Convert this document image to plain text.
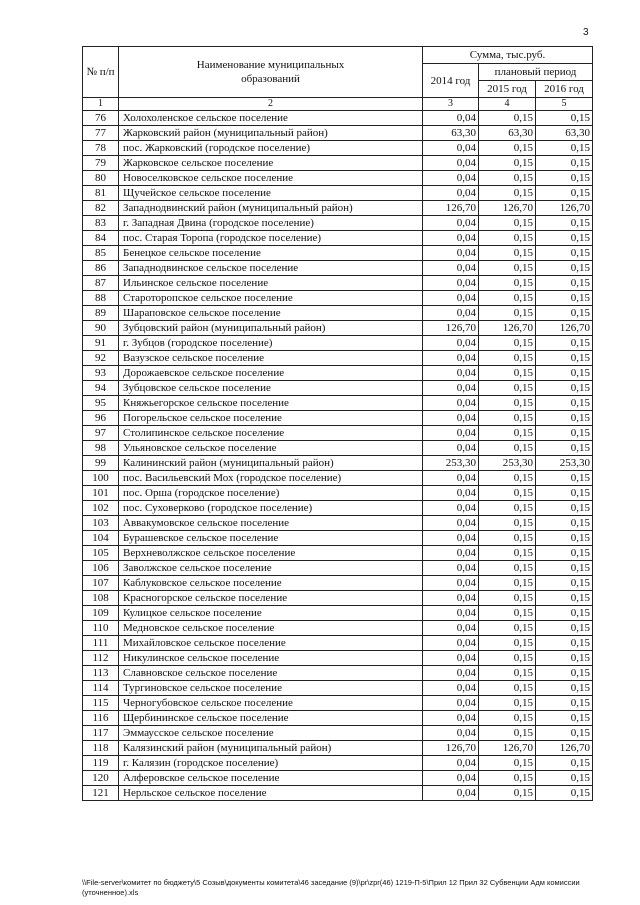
3
№ п/п	Наименование муниципальных образований	Сумма, тыс.руб.		
		2014 год	плановый период	
			2015 год	2016 год
1	2	3	4	5
76	Холохоленское сельское поселение	0,04	0,15	0,15
77	Жарковский район (муниципальный район)	63,30	63,30	63,30
78	пос. Жарковский (городское поселение)	0,04	0,15	0,15
79	Жарковское сельское поселение	0,04	0,15	0,15
80	Новоселковское сельское поселение	0,04	0,15	0,15
81	Щучейское сельское поселение	0,04	0,15	0,15
82	Западнодвинский район (муниципальный район)	126,70	126,70	126,70
83	г. Западная Двина (городское поселение)	0,04	0,15	0,15
84	пос. Старая Торопа (городское поселение)	0,04	0,15	0,15
85	Бенецкое сельское поселение	0,04	0,15	0,15
86	Западнодвинское сельское поселение	0,04	0,15	0,15
87	Ильинское сельское поселение	0,04	0,15	0,15
88	Староторопское сельское поселение	0,04	0,15	0,15
89	Шараповское сельское поселение	0,04	0,15	0,15
90	Зубцовский район (муниципальный район)	126,70	126,70	126,70
91	г. Зубцов (городское поселение)	0,04	0,15	0,15
92	Вазузское сельское поселение	0,04	0,15	0,15
93	Дорожаевское сельское поселение	0,04	0,15	0,15
94	Зубцовское сельское поселение	0,04	0,15	0,15
95	Княжьегорское сельское поселение	0,04	0,15	0,15
96	Погорельское сельское поселение	0,04	0,15	0,15
97	Столипинское сельское поселение	0,04	0,15	0,15
98	Ульяновское сельское поселение	0,04	0,15	0,15
99	Калининский район (муниципальный район)	253,30	253,30	253,30
100	пос. Васильевский Мох (городское поселение)	0,04	0,15	0,15
101	пос. Орша (городское поселение)	0,04	0,15	0,15
102	пос. Суховерково (городское поселение)	0,04	0,15	0,15
103	Аввакумовское сельское поселение	0,04	0,15	0,15
104	Бурашевское сельское поселение	0,04	0,15	0,15
105	Верхневолжское сельское поселение	0,04	0,15	0,15
106	Заволжское сельское поселение	0,04	0,15	0,15
107	Каблуковское сельское поселение	0,04	0,15	0,15
108	Красногорское сельское поселение	0,04	0,15	0,15
109	Кулицкое сельское поселение	0,04	0,15	0,15
110	Медновское сельское поселение	0,04	0,15	0,15
111	Михайловское сельское поселение	0,04	0,15	0,15
112	Никулинское сельское поселение	0,04	0,15	0,15
113	Славновское сельское поселение	0,04	0,15	0,15
114	Тургиновское сельское поселение	0,04	0,15	0,15
115	Черногубовское сельское поселение	0,04	0,15	0,15
116	Щербининское сельское поселение	0,04	0,15	0,15
117	Эммаусское сельское поселение	0,04	0,15	0,15
118	Калязинский район (муниципальный район)	126,70	126,70	126,70
119	г. Калязин (городское поселение)	0,04	0,15	0,15
120	Алферовское сельское поселение	0,04	0,15	0,15
121	Нерльское сельское поселение	0,04	0,15	0,15
\\File-server\комитет по бюджету\5 Созыв\документы комитета\46 заседание (9)\pr\zpr(46) 1219-П-5\Прил 12 Прил 32 Субвенции Адм комиссии (уточненное).xls
